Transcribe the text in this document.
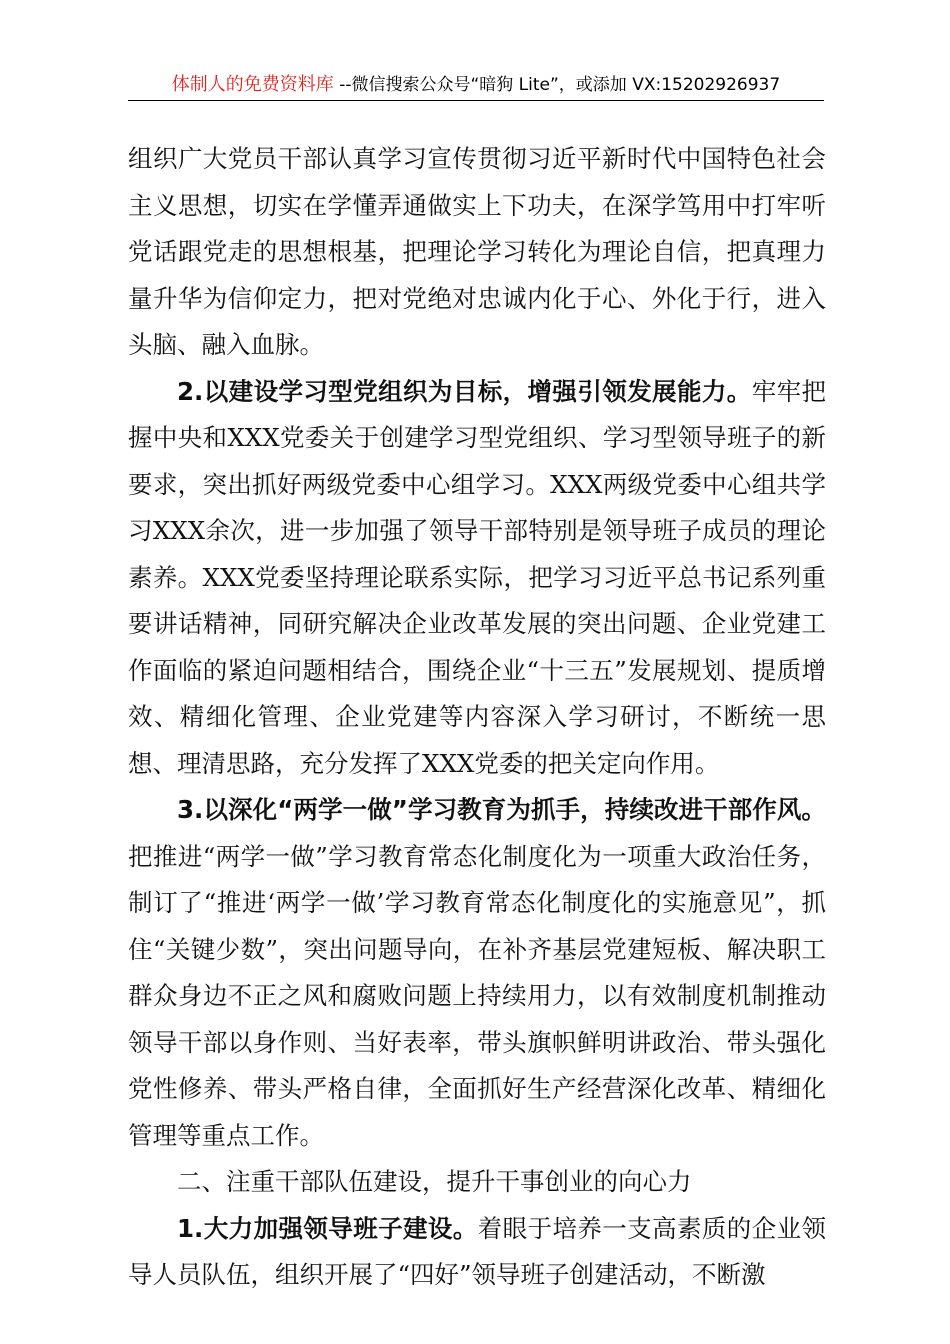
体制人的免费资料库 --微信搜索公众号“暗狗 Lite”，或添加 VX:15202926937

组织广大党员干部认真学习宣传贯彻习近平新时代中国特色社会主义思想，切实在学懂弄通做实上下功夫，在深学笃用中打牢听党话跟党走的思想根基，把理论学习转化为理论自信，把真理力量升华为信仰定力，把对党绝对忠诚内化于心、外化于行，进入头脑、融入血脉。

2.以建设学习型党组织为目标，增强引领发展能力。牢牢把握中央和XXX党委关于创建学习型党组织、学习型领导班子的新要求，突出抓好两级党委中心组学习。XXX两级党委中心组共学习XXX余次，进一步加强了领导干部特别是领导班子成员的理论素养。XXX党委坚持理论联系实际，把学习习近平总书记系列重要讲话精神，同研究解决企业改革发展的突出问题、企业党建工作面临的紧迫问题相结合，围绕企业“十三五”发展规划、提质增效、精细化管理、企业党建等内容深入学习研讨，不断统一思想、理清思路，充分发挥了XXX党委的把关定向作用。

3.以深化“两学一做”学习教育为抓手，持续改进干部作风。把推进“两学一做”学习教育常态化制度化为一项重大政治任务，制订了“推进‘两学一做’学习教育常态化制度化的实施意见”，抓住“关键少数”，突出问题导向，在补齐基层党建短板、解决职工群众身边不正之风和腐败问题上持续用力，以有效制度机制推动领导干部以身作则、当好表率，带头旗帜鲜明讲政治、带头强化党性修养、带头严格自律，全面抓好生产经营深化改革、精细化管理等重点工作。

二、注重干部队伍建设，提升干事创业的向心力

1.大力加强领导班子建设。着眼于培养一支高素质的企业领导人员队伍，组织开展了“四好”领导班子创建活动，不断激
